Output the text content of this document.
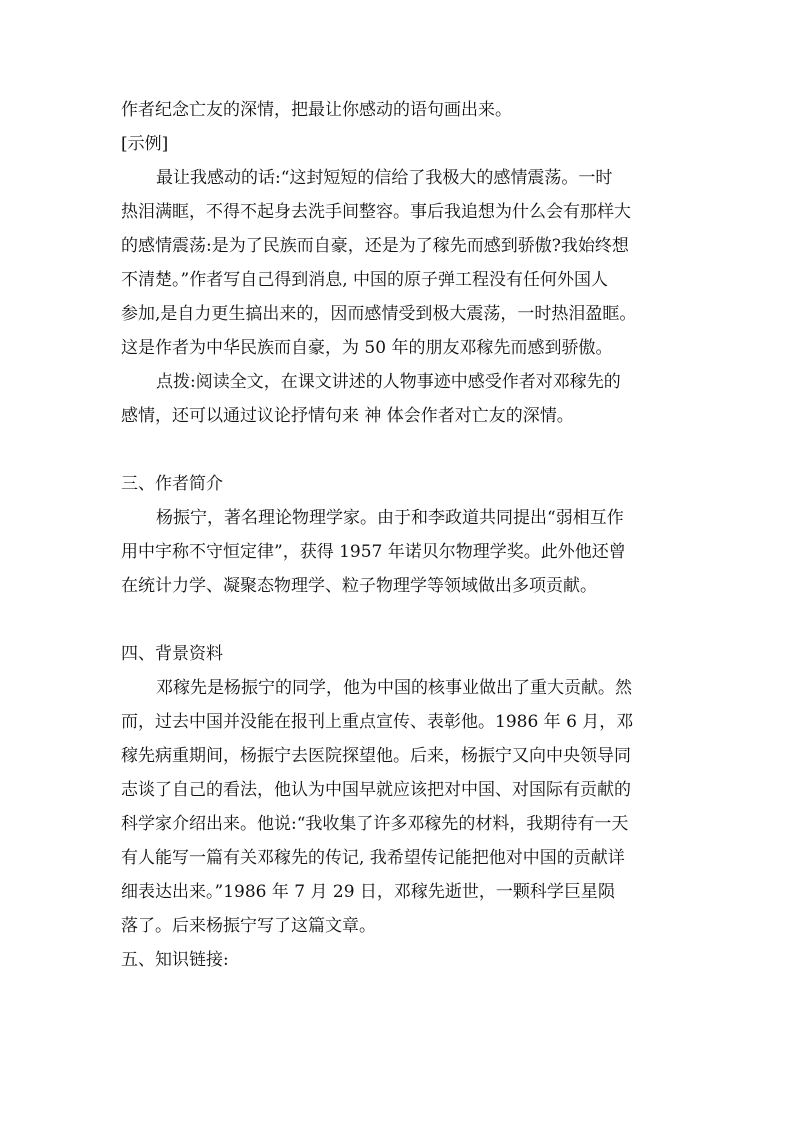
作者纪念亡友的深情，把最让你感动的语句画出来。
[示例]
最让我感动的话:“这封短短的信给了我极大的感情震荡。一时
热泪满眶，不得不起身去洗手间整容。事后我追想为什么会有那样大
的感情震荡:是为了民族而自豪，还是为了稼先而感到骄傲?我始终想
不清楚。”作者写自己得到消息, 中国的原子弹工程没有任何外国人
参加,是自力更生搞出来的，因而感情受到极大震荡，一时热泪盈眶。
这是作者为中华民族而自豪，为 50 年的朋友邓稼先而感到骄傲。
点拨:阅读全文，在课文讲述的人物事迹中感受作者对邓稼先的
感情，还可以通过议论抒情句来 神 体会作者对亡友的深情。
三、作者简介
杨振宁，著名理论物理学家。由于和李政道共同提出“弱相互作
用中宇称不守恒定律”，获得 1957 年诺贝尔物理学奖。此外他还曾
在统计力学、凝聚态物理学、粒子物理学等领域做出多项贡献。
四、背景资料
邓稼先是杨振宁的同学，他为中国的核事业做出了重大贡献。然
而，过去中国并没能在报刊上重点宣传、表彰他。1986 年 6 月，邓
稼先病重期间，杨振宁去医院探望他。后来，杨振宁又向中央领导同
志谈了自己的看法，他认为中国早就应该把对中国、对国际有贡献的
科学家介绍出来。他说:“我收集了许多邓稼先的材料，我期待有一天
有人能写一篇有关邓稼先的传记, 我希望传记能把他对中国的贡献详
细表达出来。”1986 年 7 月 29 日，邓稼先逝世，一颗科学巨星陨
落了。后来杨振宁写了这篇文章。
五、知识链接:
